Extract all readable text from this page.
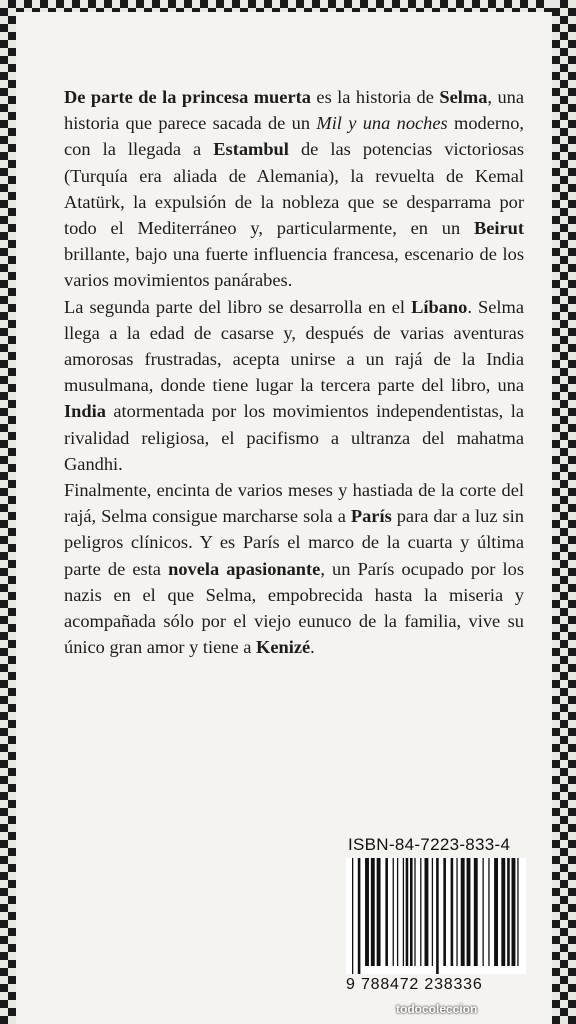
De parte de la princesa muerta es la historia de Selma, una historia que parece sacada de un Mil y una noches moderno, con la llegada a Estambul de las potencias victoriosas (Turquía era aliada de Alemania), la revuelta de Kemal Atatürk, la expulsión de la nobleza que se desparrama por todo el Mediterráneo y, particularmente, en un Beirut brillante, bajo una fuerte influencia francesa, escenario de los varios movimientos panárabes.

La segunda parte del libro se desarrolla en el Líbano. Selma llega a la edad de casarse y, después de varias aventuras amorosas frustradas, acepta unirse a un rajá de la India musulmana, donde tiene lugar la tercera parte del libro, una India atormentada por los movimientos independentistas, la rivalidad religiosa, el pacifismo a ultranza del mahatma Gandhi.

Finalmente, encinta de varios meses y hastiada de la corte del rajá, Selma consigue marcharse sola a París para dar a luz sin peligros clínicos. Y es París el marco de la cuarta y última parte de esta novela apasionante, un París ocupado por los nazis en el que Selma, empobrecida hasta la miseria y acompañada sólo por el viejo eunuco de la familia, vive su único gran amor y tiene a Kenizé.

ISBN-84-7223-833-4
9 788472 238336
todocoleccion
